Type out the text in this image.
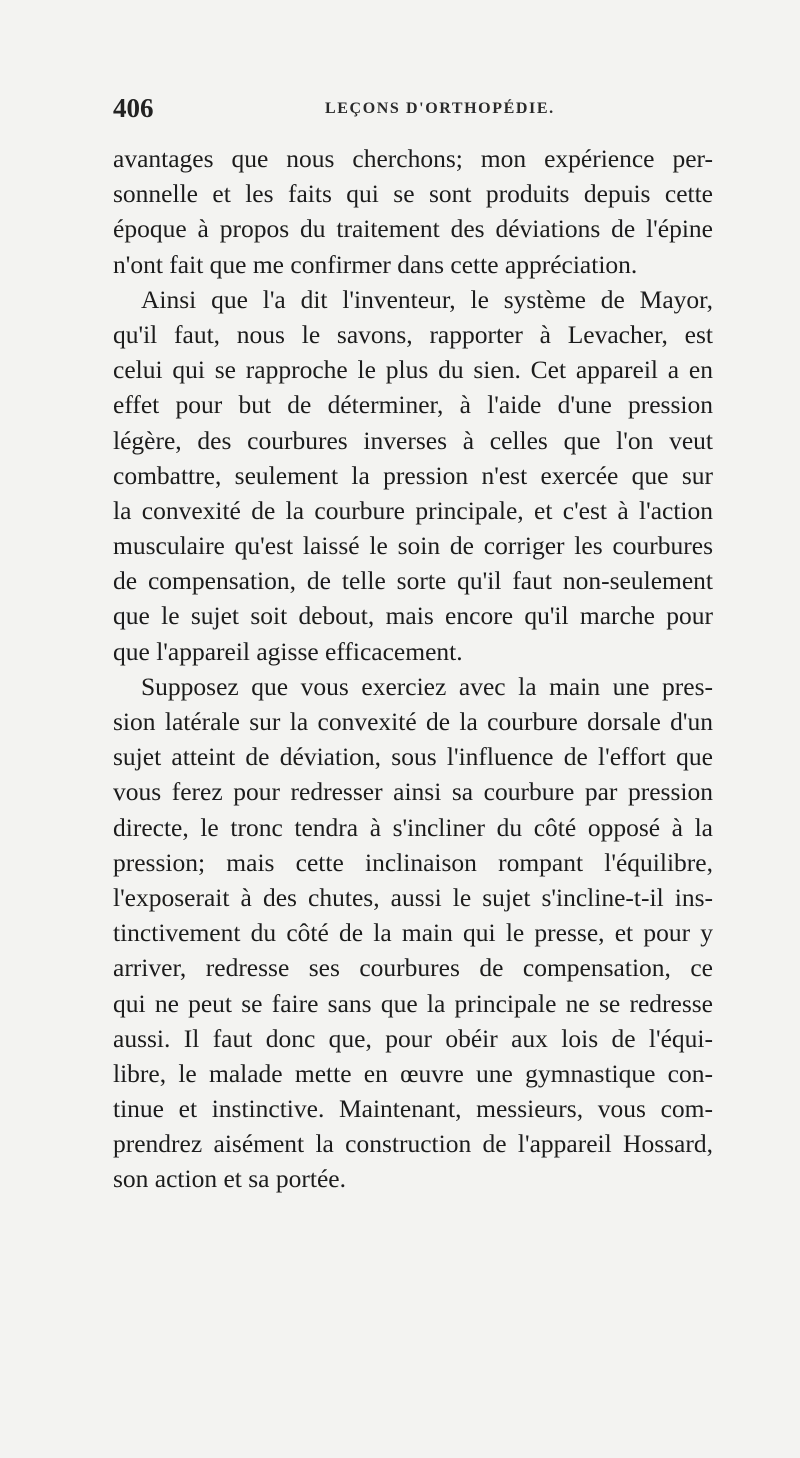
406	LEÇONS D'ORTHOPÉDIE.
avantages que nous cherchons; mon expérience per-
sonnelle et les faits qui se sont produits depuis cette
époque à propos du traitement des déviations de l'épine
n'ont fait que me confirmer dans cette appréciation.
Ainsi que l'a dit l'inventeur, le système de Mayor,
qu'il faut, nous le savons, rapporter à Levacher, est
celui qui se rapproche le plus du sien. Cet appareil a en
effet pour but de déterminer, à l'aide d'une pression
légère, des courbures inverses à celles que l'on veut
combattre, seulement la pression n'est exercée que sur
la convexité de la courbure principale, et c'est à l'action
musculaire qu'est laissé le soin de corriger les courbures
de compensation, de telle sorte qu'il faut non-seulement
que le sujet soit debout, mais encore qu'il marche pour
que l'appareil agisse efficacement.
Supposez que vous exerciez avec la main une pres-
sion latérale sur la convexité de la courbure dorsale d'un
sujet atteint de déviation, sous l'influence de l'effort que
vous ferez pour redresser ainsi sa courbure par pression
directe, le tronc tendra à s'incliner du côté opposé à la
pression; mais cette inclinaison rompant l'équilibre,
l'exposerait à des chutes, aussi le sujet s'incline-t-il ins-
tinctivement du côté de la main qui le presse, et pour y
arriver, redresse ses courbures de compensation, ce
qui ne peut se faire sans que la principale ne se redresse
aussi. Il faut donc que, pour obéir aux lois de l'équi-
libre, le malade mette en œuvre une gymnastique con-
tinue et instinctive. Maintenant, messieurs, vous com-
prendrez aisément la construction de l'appareil Hossard,
son action et sa portée.
